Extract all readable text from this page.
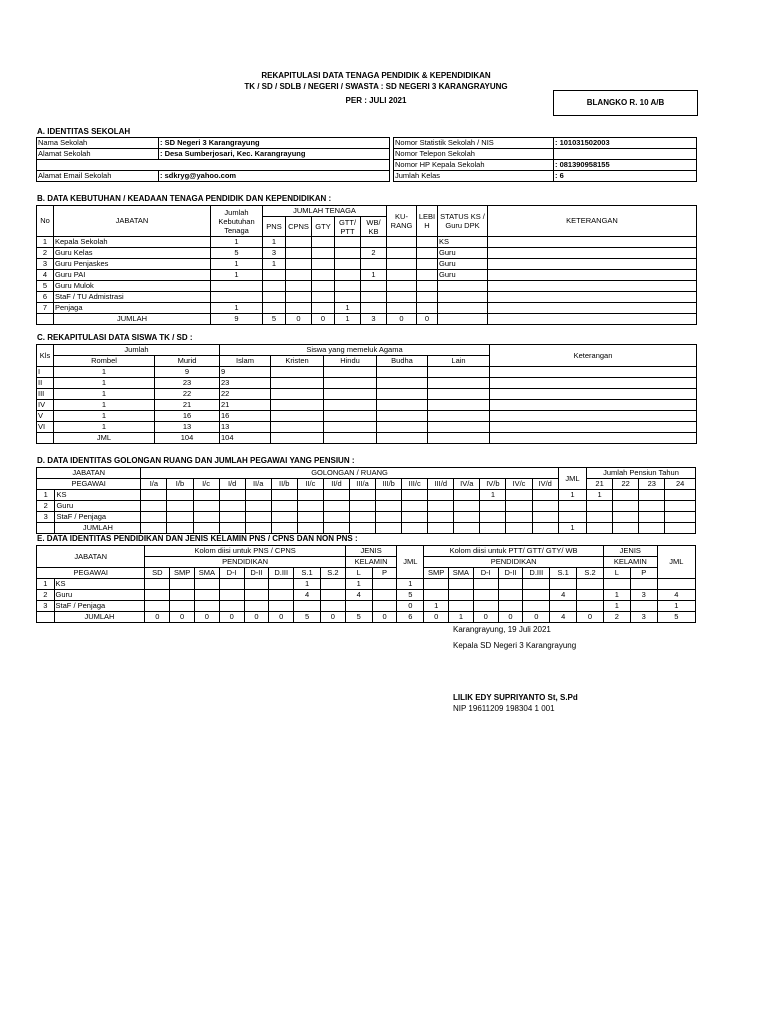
REKAPITULASI DATA TENAGA PENDIDIK & KEPENDIDIKAN
TK / SD / SDLB / NEGERI / SWASTA : SD NEGERI 3 KARANGRAYUNG
PER : JULI 2021	BLANGKO R. 10 A/B
A. IDENTITAS SEKOLAH
Nama Sekolah	: SD Negeri 3 Karangrayung
Alamat Sekolah	: Desa Sumberjosari, Kec. Karangrayung

Alamat Email Sekolah	: sdkryg@yahoo.com
Nomor Statistik Sekolah / NIS	: 101031502003
Nomor Telepon Sekolah	
Nomor HP Kepala Sekolah	: 081390958155
Jumlah Kelas	: 6
B. DATA KEBUTUHAN / KEADAAN TENAGA PENDIDIK DAN KEPENDIDIKAN :
No	JABATAN	Jumlah Kebutuhan Tenaga	JUMLAH TENAGA					KU- RANG	LEBI H	STATUS KS / Guru DPK	KETERANGAN
			PNS	CPNS	GTY	GTT/ PTT	WB/ KB				
1	Kepala Sekolah	1	1							KS	
2	Guru Kelas	5	3				2			Guru	
3	Guru Penjaskes	1	1							Guru	
4	Guru PAI	1					1			Guru	
5	Guru Mulok										
6	StaF / TU Admistrasi										
7	Penjaga	1				1					
	JUMLAH	9	5	0	0	1	3	0	0		
C. REKAPITULASI DATA SISWA TK / SD :
Kls	Jumlah		Siswa yang memeluk Agama					Keterangan
	Rombel	Murid	Islam	Kristen	Hindu	Budha	Lain	
I	1	9	9					
II	1	23	23					
III	1	22	22					
IV	1	21	21					
V	1	16	16					
VI	1	13	13					
	JML	104	104					
D. DATA IDENTITAS GOLONGAN RUANG DAN JUMLAH PEGAWAI YANG PENSIUN :
JABATAN		GOLONGAN / RUANG																JML	Jumlah Pensiun Tahun			
PEGAWAI		I/a	I/b	I/c	I/d	II/a	II/b	II/c	II/d	III/a	III/b	III/c	III/d	IV/a	IV/b	IV/c	IV/d		21	22	23	24
1	KS														1			1	1			
2	Guru																					
3	StaF / Penjaga																					
	JUMLAH																	1				
E. DATA IDENTITAS PENDIDIKAN DAN JENIS KELAMIN PNS / CPNS DAN NON PNS :
JABATAN		Kolom diisi untuk PNS / CPNS								JENIS		JML	Kolom diisi untuk PTT/ GTT/ GTY/ WB							JENIS		JML
		PENDIDIKAN								KELAMIN			PENDIDIKAN							KELAMIN		
PEGAWAI		SD	SMP	SMA	D-I	D-II	D.III	S.1	S.2	L	P		SMP	SMA	D-I	D-II	D.III	S.1	S.2	L	P	
1	KS							1		1		1										
2	Guru							4		4		5						4		1	3	4
3	StaF / Penjaga											0	1							1		1
	JUMLAH	0	0	0	0	0	0	5	0	5	0	6	0	1	0	0	0	4	0	2	3	5
Karangrayung, 19 Juli 2021
Kepala SD Negeri 3 Karangrayung
LILIK EDY SUPRIYANTO St, S.Pd
NIP 19611209 198304 1 001
